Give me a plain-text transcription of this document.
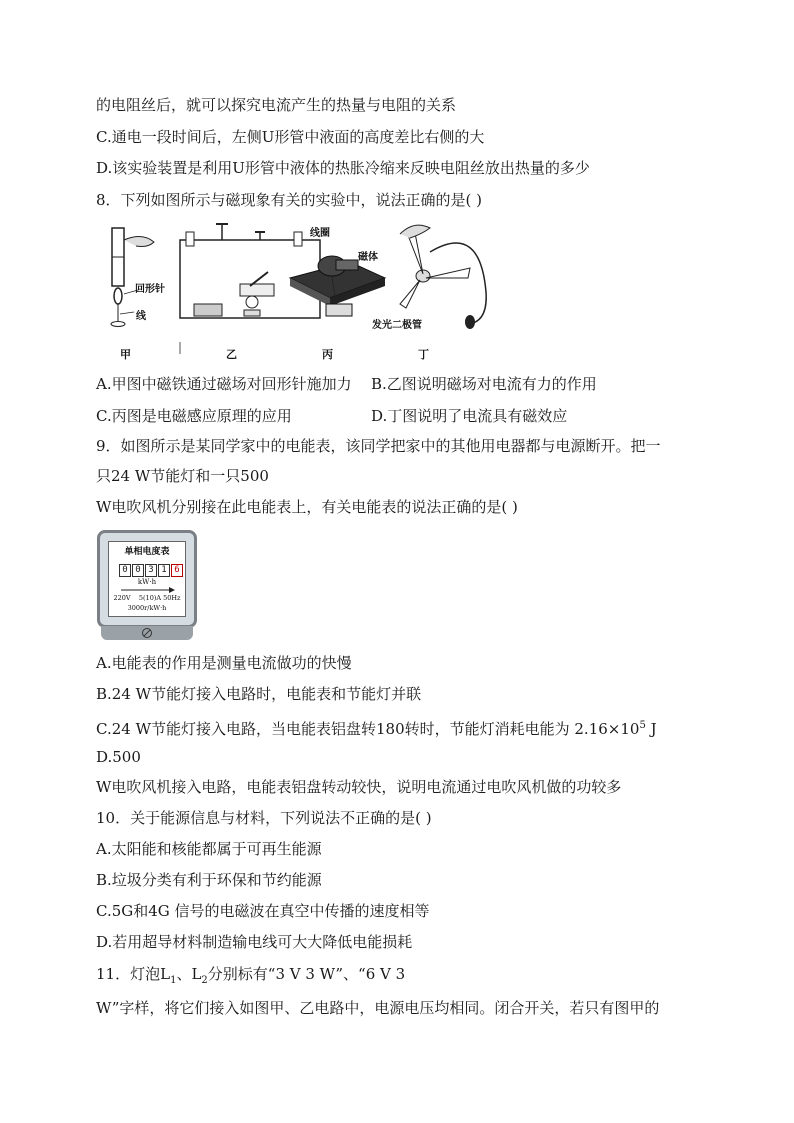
的电阻丝后，就可以探究电流产生的热量与电阻的关系
C.通电一段时间后，左侧U形管中液面的高度差比右侧的大
D.该实验装置是利用U形管中液体的热胀冷缩来反映电阻丝放出热量的多少
8．下列如图所示与磁现象有关的实验中，说法正确的是( )
回形针
线
线圈
磁体
发光二极管
甲	乙	丙	丁
A.甲图中磁铁通过磁场对回形针施加力 B.乙图说明磁场对电流有力的作用
C.丙图是电磁感应原理的应用	D.丁图说明了电流具有磁效应
9．如图所示是某同学家中的电能表，该同学把家中的其他用电器都与电源断开。把一
只24 W节能灯和一只500
W电吹风机分别接在此电能表上，有关电能表的说法正确的是( )
单相电度表
0 0 3 1 6
kW·h
220V    5(10)A 50Hz
3000r/kW·h
A.电能表的作用是测量电流做功的快慢
B.24 W节能灯接入电路时，电能表和节能灯并联
C.24 W节能灯接入电路，当电能表铝盘转180转时，节能灯消耗电能为 $2.16\times 10^5$ J
D.500
W电吹风机接入电路，电能表铝盘转动较快，说明电流通过电吹风机做的功较多
10．关于能源信息与材料，下列说法不正确的是( )
A.太阳能和核能都属于可再生能源
B.垃圾分类有利于环保和节约能源
C.5G和4G 信号的电磁波在真空中传播的速度相等
D.若用超导材料制造输电线可大大降低电能损耗
11．灯泡$L_1$、$L_2$分别标有“3 V 3 W”、“6 V 3
W”字样，将它们接入如图甲、乙电路中，电源电压均相同。闭合开关，若只有图甲的
